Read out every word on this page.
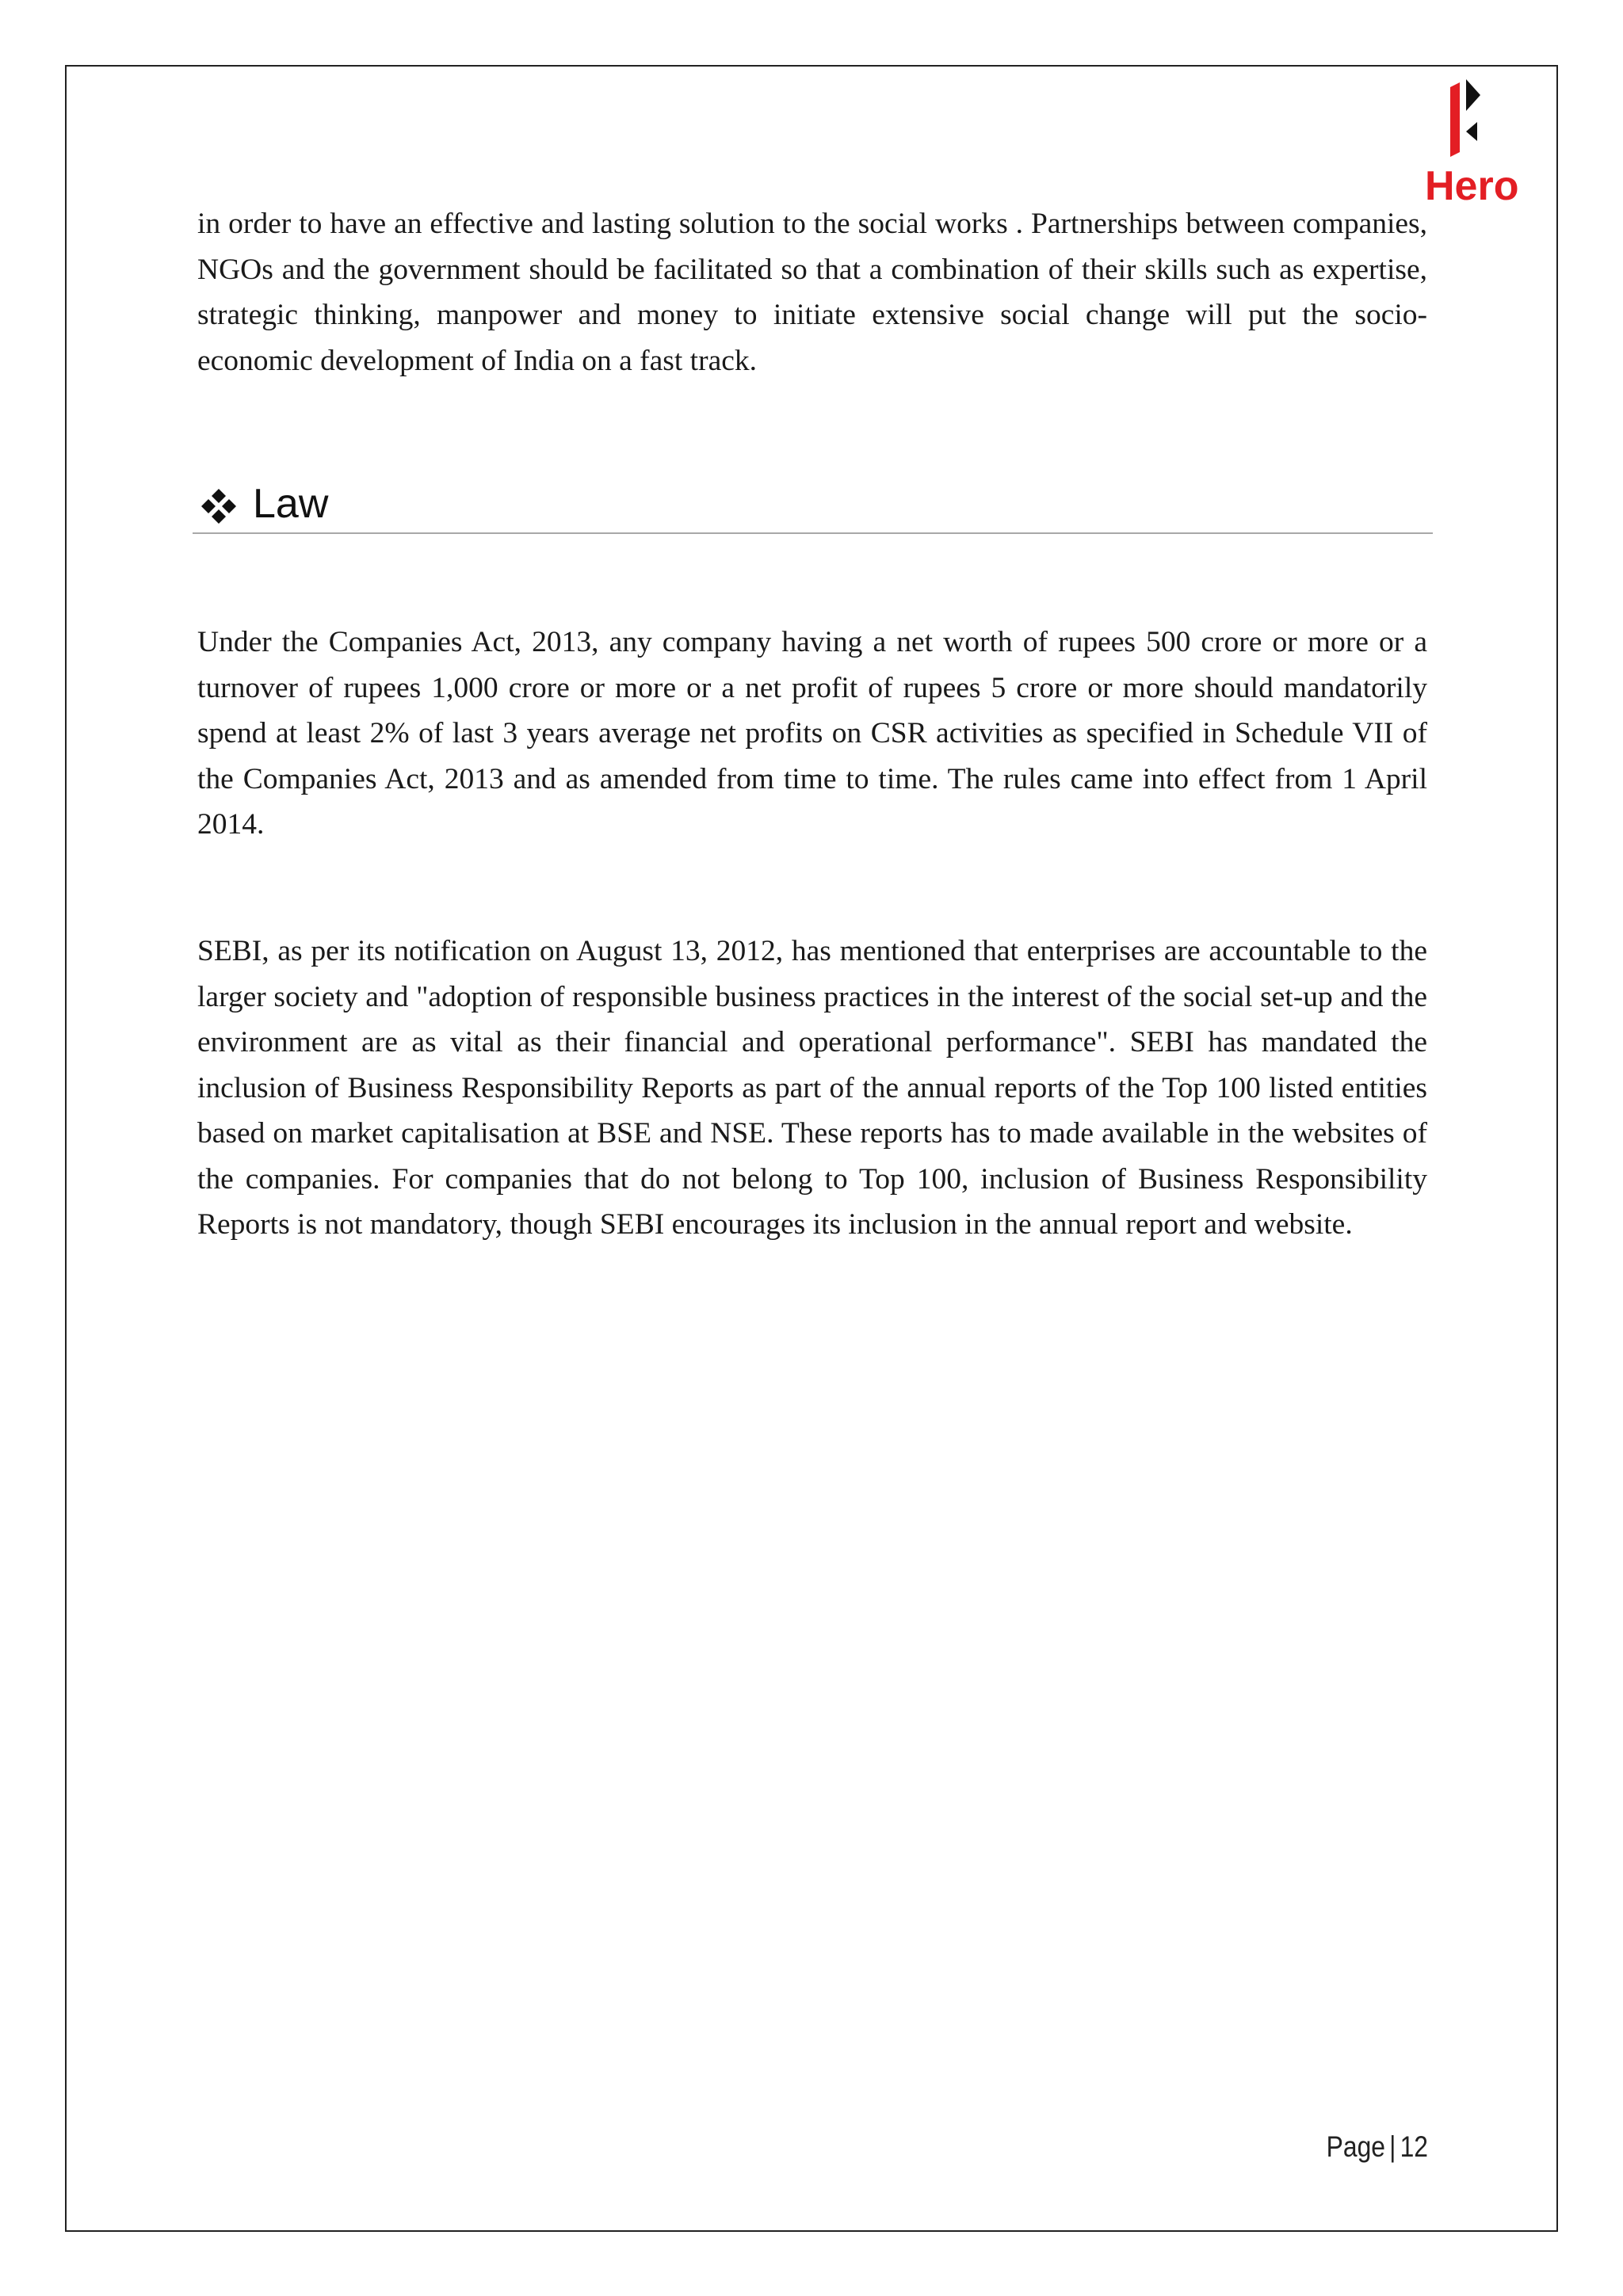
Hero

in order to have an effective and lasting solution to the social works . Partnerships between companies, NGOs and the government should be facilitated so that a combination of their skills such as expertise, strategic thinking, manpower and money to initiate extensive social change will put the socio-economic development of India on a fast track.

Law

Under the Companies Act, 2013, any company having a net worth of rupees 500 crore or more or a turnover of rupees 1,000 crore or more or a net profit of rupees 5 crore or more should mandatorily spend at least 2% of last 3 years average net profits on CSR activities as specified in Schedule VII of the Companies Act, 2013 and as amended from time to time. The rules came into effect from 1 April 2014.

SEBI, as per its notification on August 13, 2012, has mentioned that enterprises are accountable to the larger society and "adoption of responsible business practices in the interest of the social set-up and the environment are as vital as their financial and operational performance". SEBI has mandated the inclusion of Business Responsibility Reports as part of the annual reports of the Top 100 listed entities based on market capitalisation at BSE and NSE. These reports has to made available in the websites of the companies. For companies that do not belong to Top 100, inclusion of Business Responsibility Reports is not mandatory, though SEBI encourages its inclusion in the annual report and website.

Page | 12
